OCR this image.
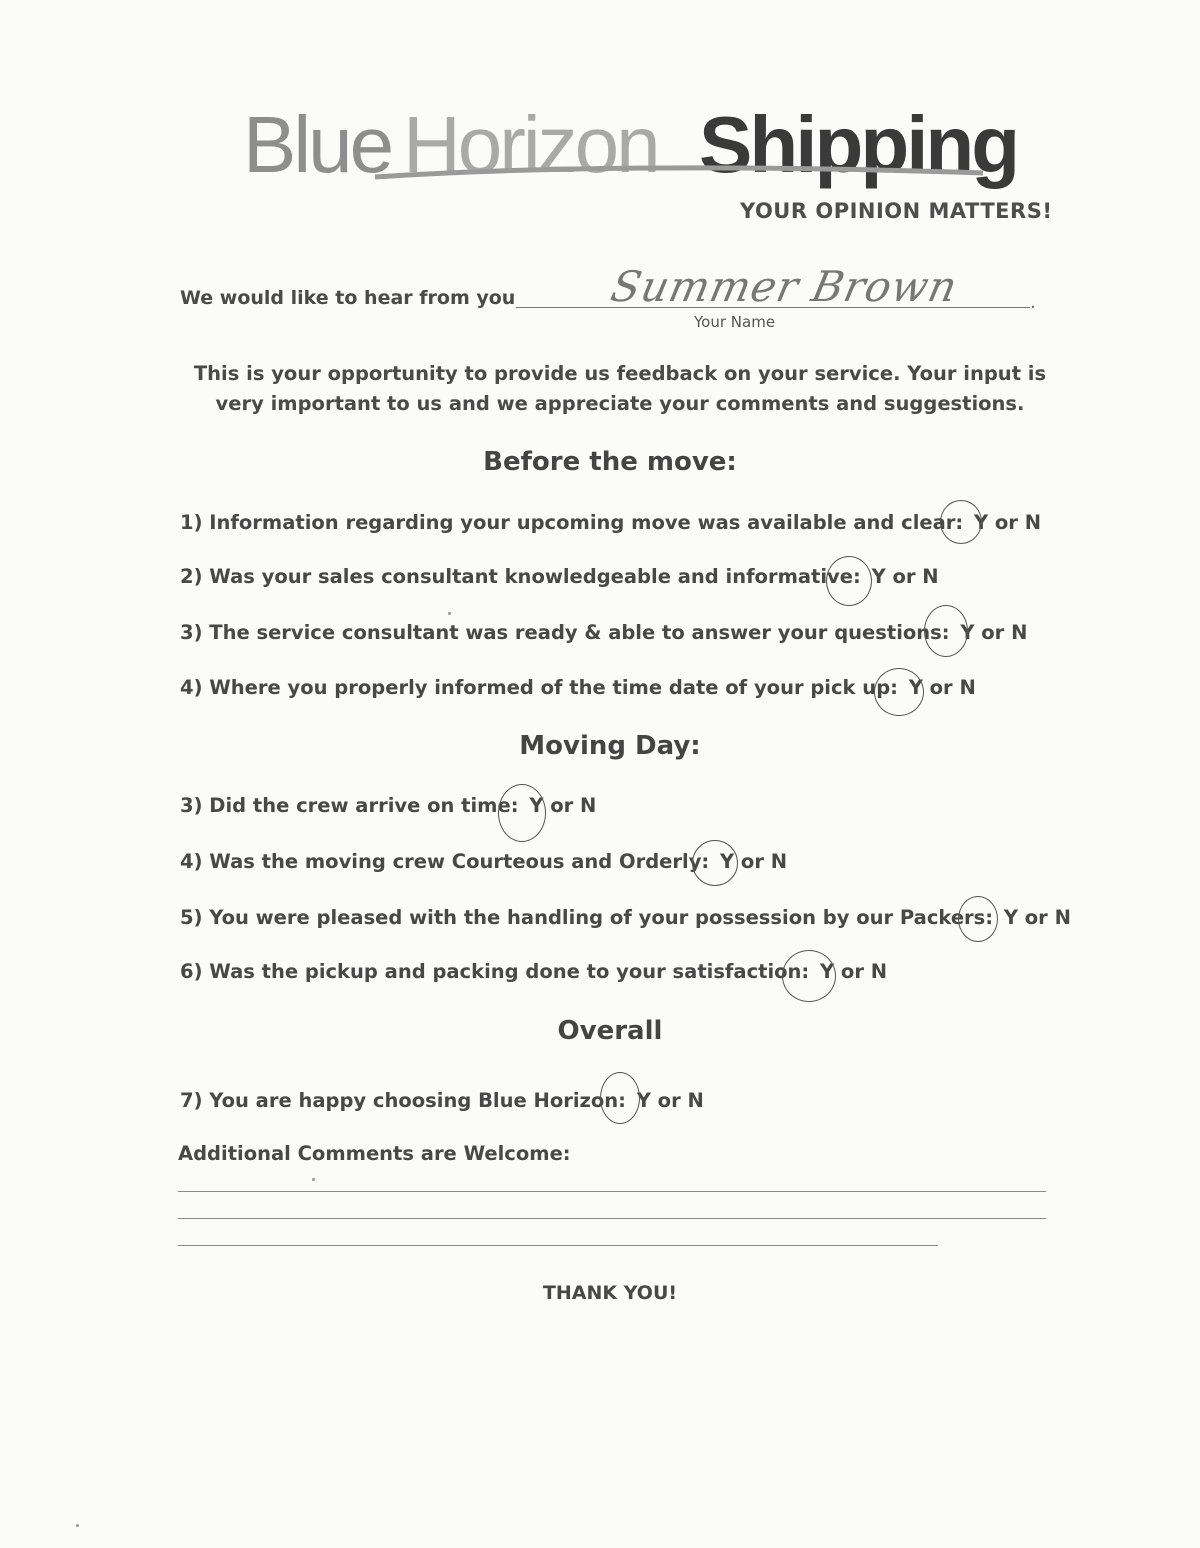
Blue Horizon Shipping
YOUR OPINION MATTERS!
We would like to hear from you	.
Summer Brown
Your Name
This is your opportunity to provide us feedback on your service. Your input is
very important to us and we appreciate your comments and suggestions.
Before the move:
1) Information regarding your upcoming move was available and clear: Y or N
2) Was your sales consultant knowledgeable and informative: Y or N
3) The service consultant was ready & able to answer your questions: Y or N
4) Where you properly informed of the time date of your pick up: Y or N
Moving Day:
3) Did the crew arrive on time: Y or N
4) Was the moving crew Courteous and Orderly: Y or N
5) You were pleased with the handling of your possession by our Packers: Y or N
6) Was the pickup and packing done to your satisfaction: Y or N
Overall
7) You are happy choosing Blue Horizon: Y or N
Additional Comments are Welcome:
THANK YOU!
